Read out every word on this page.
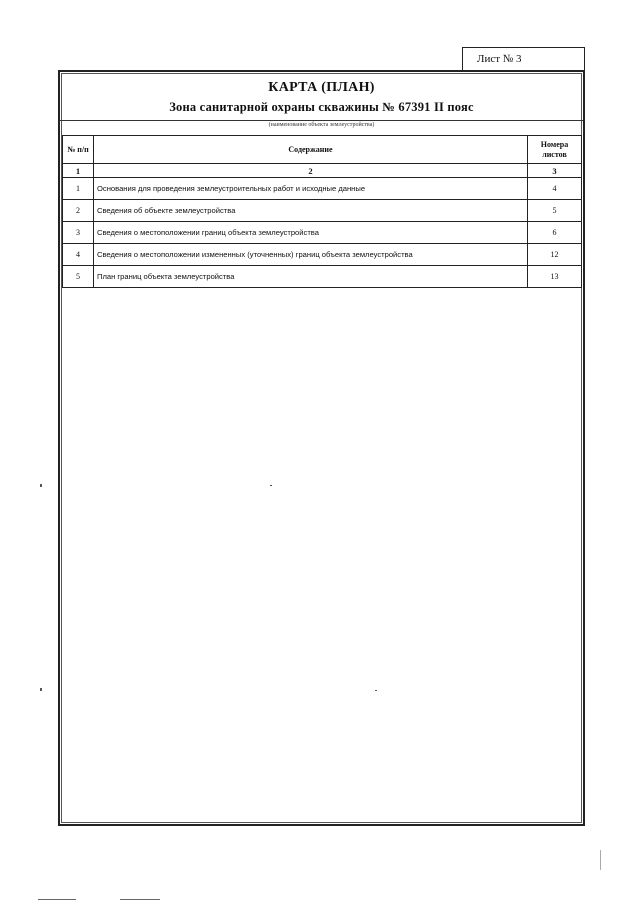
Лист № 3
КАРТА (ПЛАН)
Зона санитарной охраны скважины № 67391 II пояс
(наименование объекта землеустройства)
№ п/п	Содержание	Номера листов
1	2	3
1	Основания для проведения землеустроительных работ и исходные данные	4
2	Сведения об объекте землеустройства	5
3	Сведения о местоположении границ объекта землеустройства	6
4	Сведения о местоположении измененных (уточненных) границ объекта землеустройства	12
5	План границ объекта землеустройства	13
